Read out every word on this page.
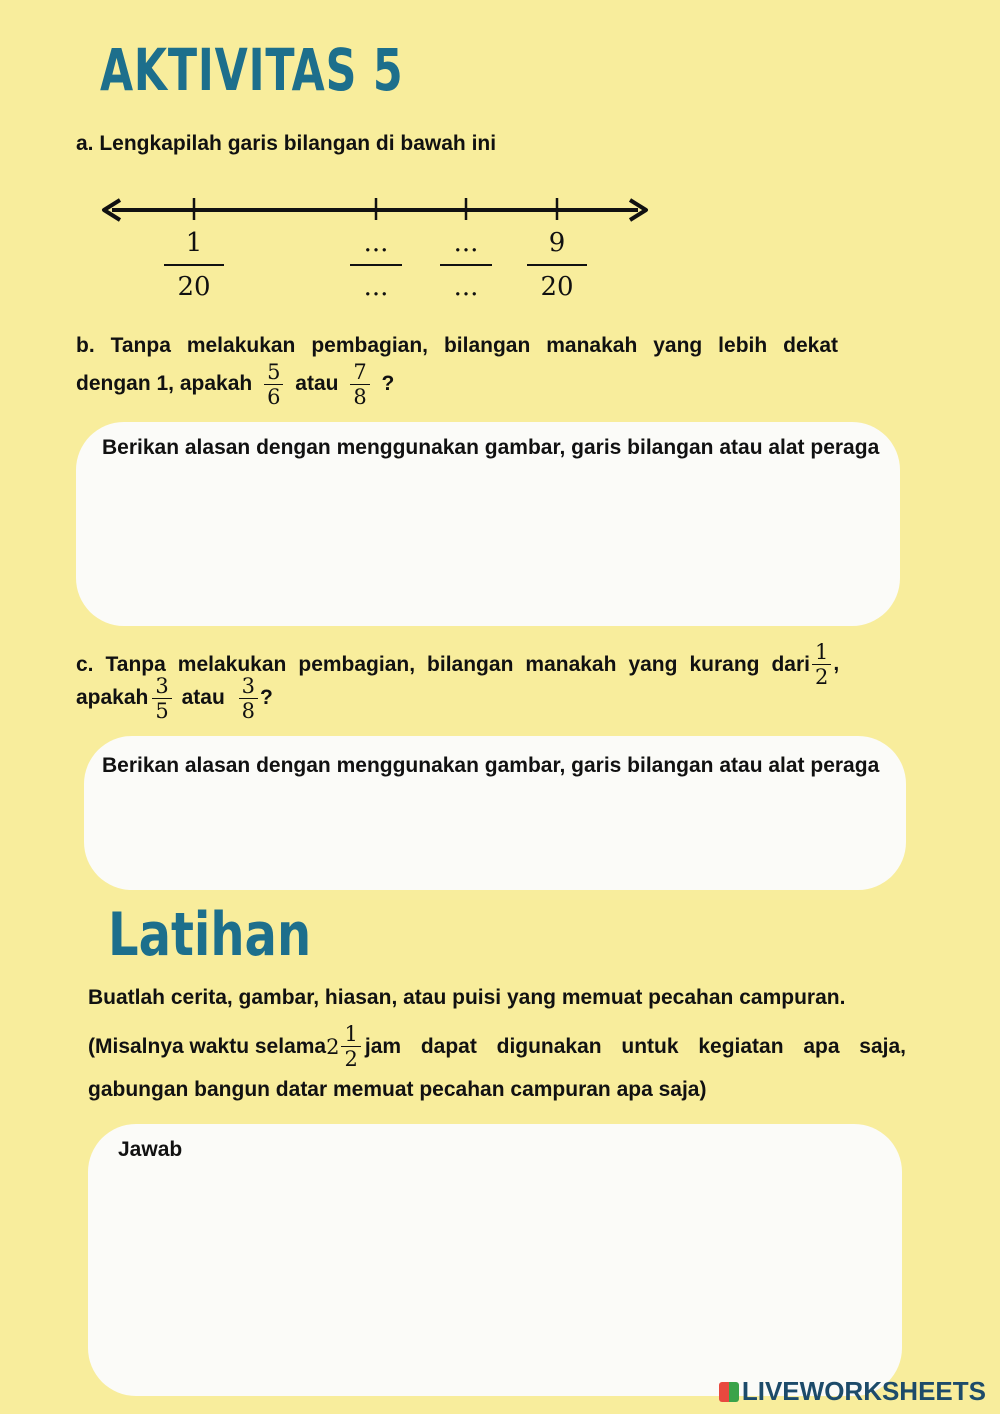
AKTIVITAS 5
a. Lengkapilah garis bilangan di bawah ini
1
20
...
...
...
...
9
20
b. Tanpa melakukan pembagian, bilangan manakah yang lebih dekat
dengan 1, apakah $\frac{5}{6}$ atau $\frac{7}{8}$ ?
Berikan alasan dengan menggunakan gambar, garis bilangan atau alat peraga
c. Tanpa melakukan pembagian, bilangan manakah yang kurang dari $\frac{1}{2}$ ,
apakah $\frac{3}{5}$ atau $\frac{3}{8}$ ?
Berikan alasan dengan menggunakan gambar, garis bilangan atau alat peraga
Latihan
Buatlah cerita, gambar, hiasan, atau puisi yang memuat pecahan campuran.
(Misalnya waktu selama $2 \frac{1}{2}$ jam dapat digunakan untuk kegiatan apa saja,
gabungan bangun datar memuat pecahan campuran apa saja)
Jawab
LIVEWORKSHEETS
